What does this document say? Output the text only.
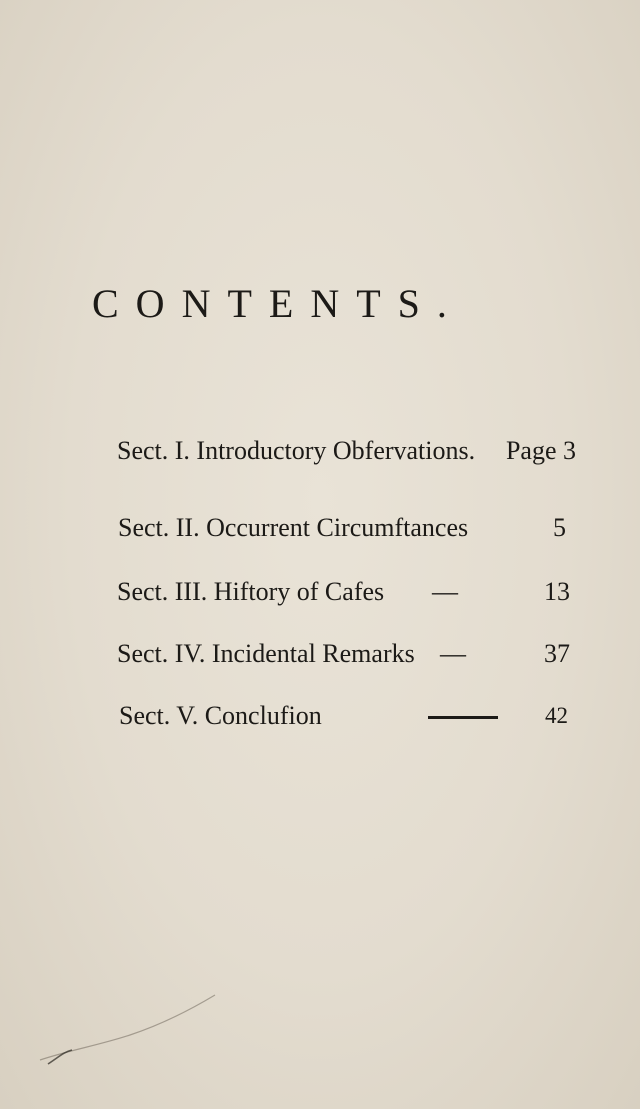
CONTENTS.
Sect. I. Introductory Obfervations. Page 3
Sect. II. Occurrent Circumftances	5
Sect. III. Hiftory of Cafes —	13
Sect. IV. Incidental Remarks —	37
Sect. V. Conclufion	42
